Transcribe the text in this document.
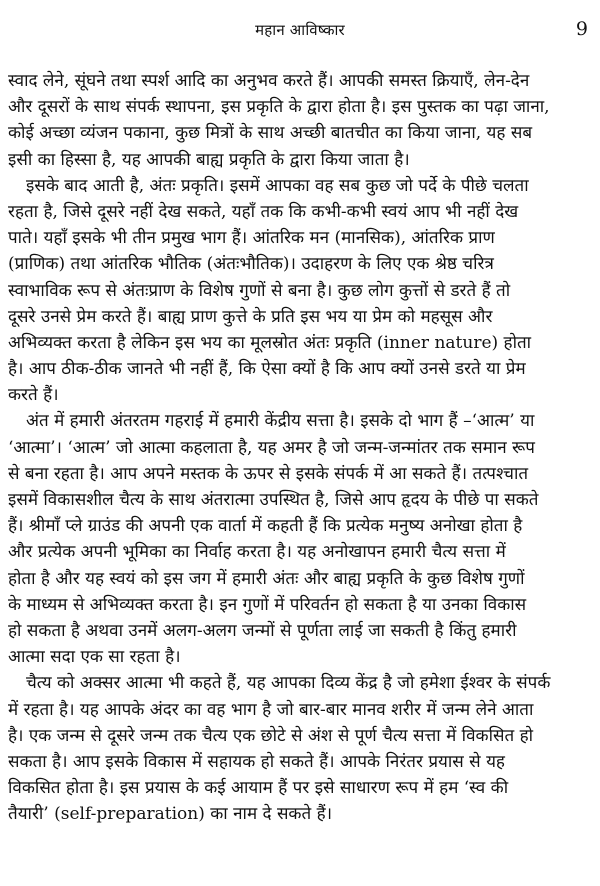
महान आविष्कार	9
स्वाद लेने, सूंघने तथा स्पर्श आदि का अनुभव करते हैं। आपकी समस्त क्रियाएँ, लेन-देन
और दूसरों के साथ संपर्क स्थापना, इस प्रकृति के द्वारा होता है। इस पुस्तक का पढ़ा जाना,
कोई अच्छा व्यंजन पकाना, कुछ मित्रों के साथ अच्छी बातचीत का किया जाना, यह सब
इसी का हिस्सा है, यह आपकी बाह्य प्रकृति के द्वारा किया जाता है।
इसके बाद आती है, अंतः प्रकृति। इसमें आपका वह सब कुछ जो पर्दे के पीछे चलता
रहता है, जिसे दूसरे नहीं देख सकते, यहाँ तक कि कभी-कभी स्वयं आप भी नहीं देख
पाते। यहाँ इसके भी तीन प्रमुख भाग हैं। आंतरिक मन (मानसिक), आंतरिक प्राण
(प्राणिक) तथा आंतरिक भौतिक (अंतःभौतिक)। उदाहरण के लिए एक श्रेष्ठ चरित्र
स्वाभाविक रूप से अंतःप्राण के विशेष गुणों से बना है। कुछ लोग कुत्तों से डरते हैं तो
दूसरे उनसे प्रेम करते हैं। बाह्य प्राण कुत्ते के प्रति इस भय या प्रेम को महसूस और
अभिव्यक्त करता है लेकिन इस भय का मूलस्रोत अंतः प्रकृति (inner nature) होता
है। आप ठीक-ठीक जानते भी नहीं हैं, कि ऐसा क्यों है कि आप क्यों उनसे डरते या प्रेम
करते हैं।
अंत में हमारी अंतरतम गहराई में हमारी केंद्रीय सत्ता है। इसके दो भाग हैं –‘आत्म’ या
‘आत्मा’। ‘आत्म’ जो आत्मा कहलाता है, यह अमर है जो जन्म-जन्मांतर तक समान रूप
से बना रहता है। आप अपने मस्तक के ऊपर से इसके संपर्क में आ सकते हैं। तत्पश्चात
इसमें विकासशील चैत्य के साथ अंतरात्मा उपस्थित है, जिसे आप हृदय के पीछे पा सकते
हैं। श्रीमाँ प्ले ग्राउंड की अपनी एक वार्ता में कहती हैं कि प्रत्येक मनुष्य अनोखा होता है
और प्रत्येक अपनी भूमिका का निर्वाह करता है। यह अनोखापन हमारी चैत्य सत्ता में
होता है और यह स्वयं को इस जग में हमारी अंतः और बाह्य प्रकृति के कुछ विशेष गुणों
के माध्यम से अभिव्यक्त करता है। इन गुणों में परिवर्तन हो सकता है या उनका विकास
हो सकता है अथवा उनमें अलग-अलग जन्मों से पूर्णता लाई जा सकती है किंतु हमारी
आत्मा सदा एक सा रहता है।
चैत्य को अक्सर आत्मा भी कहते हैं, यह आपका दिव्य केंद्र है जो हमेशा ईश्वर के संपर्क
में रहता है। यह आपके अंदर का वह भाग है जो बार-बार मानव शरीर में जन्म लेने आता
है। एक जन्म से दूसरे जन्म तक चैत्य एक छोटे से अंश से पूर्ण चैत्य सत्ता में विकसित हो
सकता है। आप इसके विकास में सहायक हो सकते हैं। आपके निरंतर प्रयास से यह
विकसित होता है। इस प्रयास के कई आयाम हैं पर इसे साधारण रूप में हम ‘स्व की
तैयारी’ (self-preparation) का नाम दे सकते हैं।
